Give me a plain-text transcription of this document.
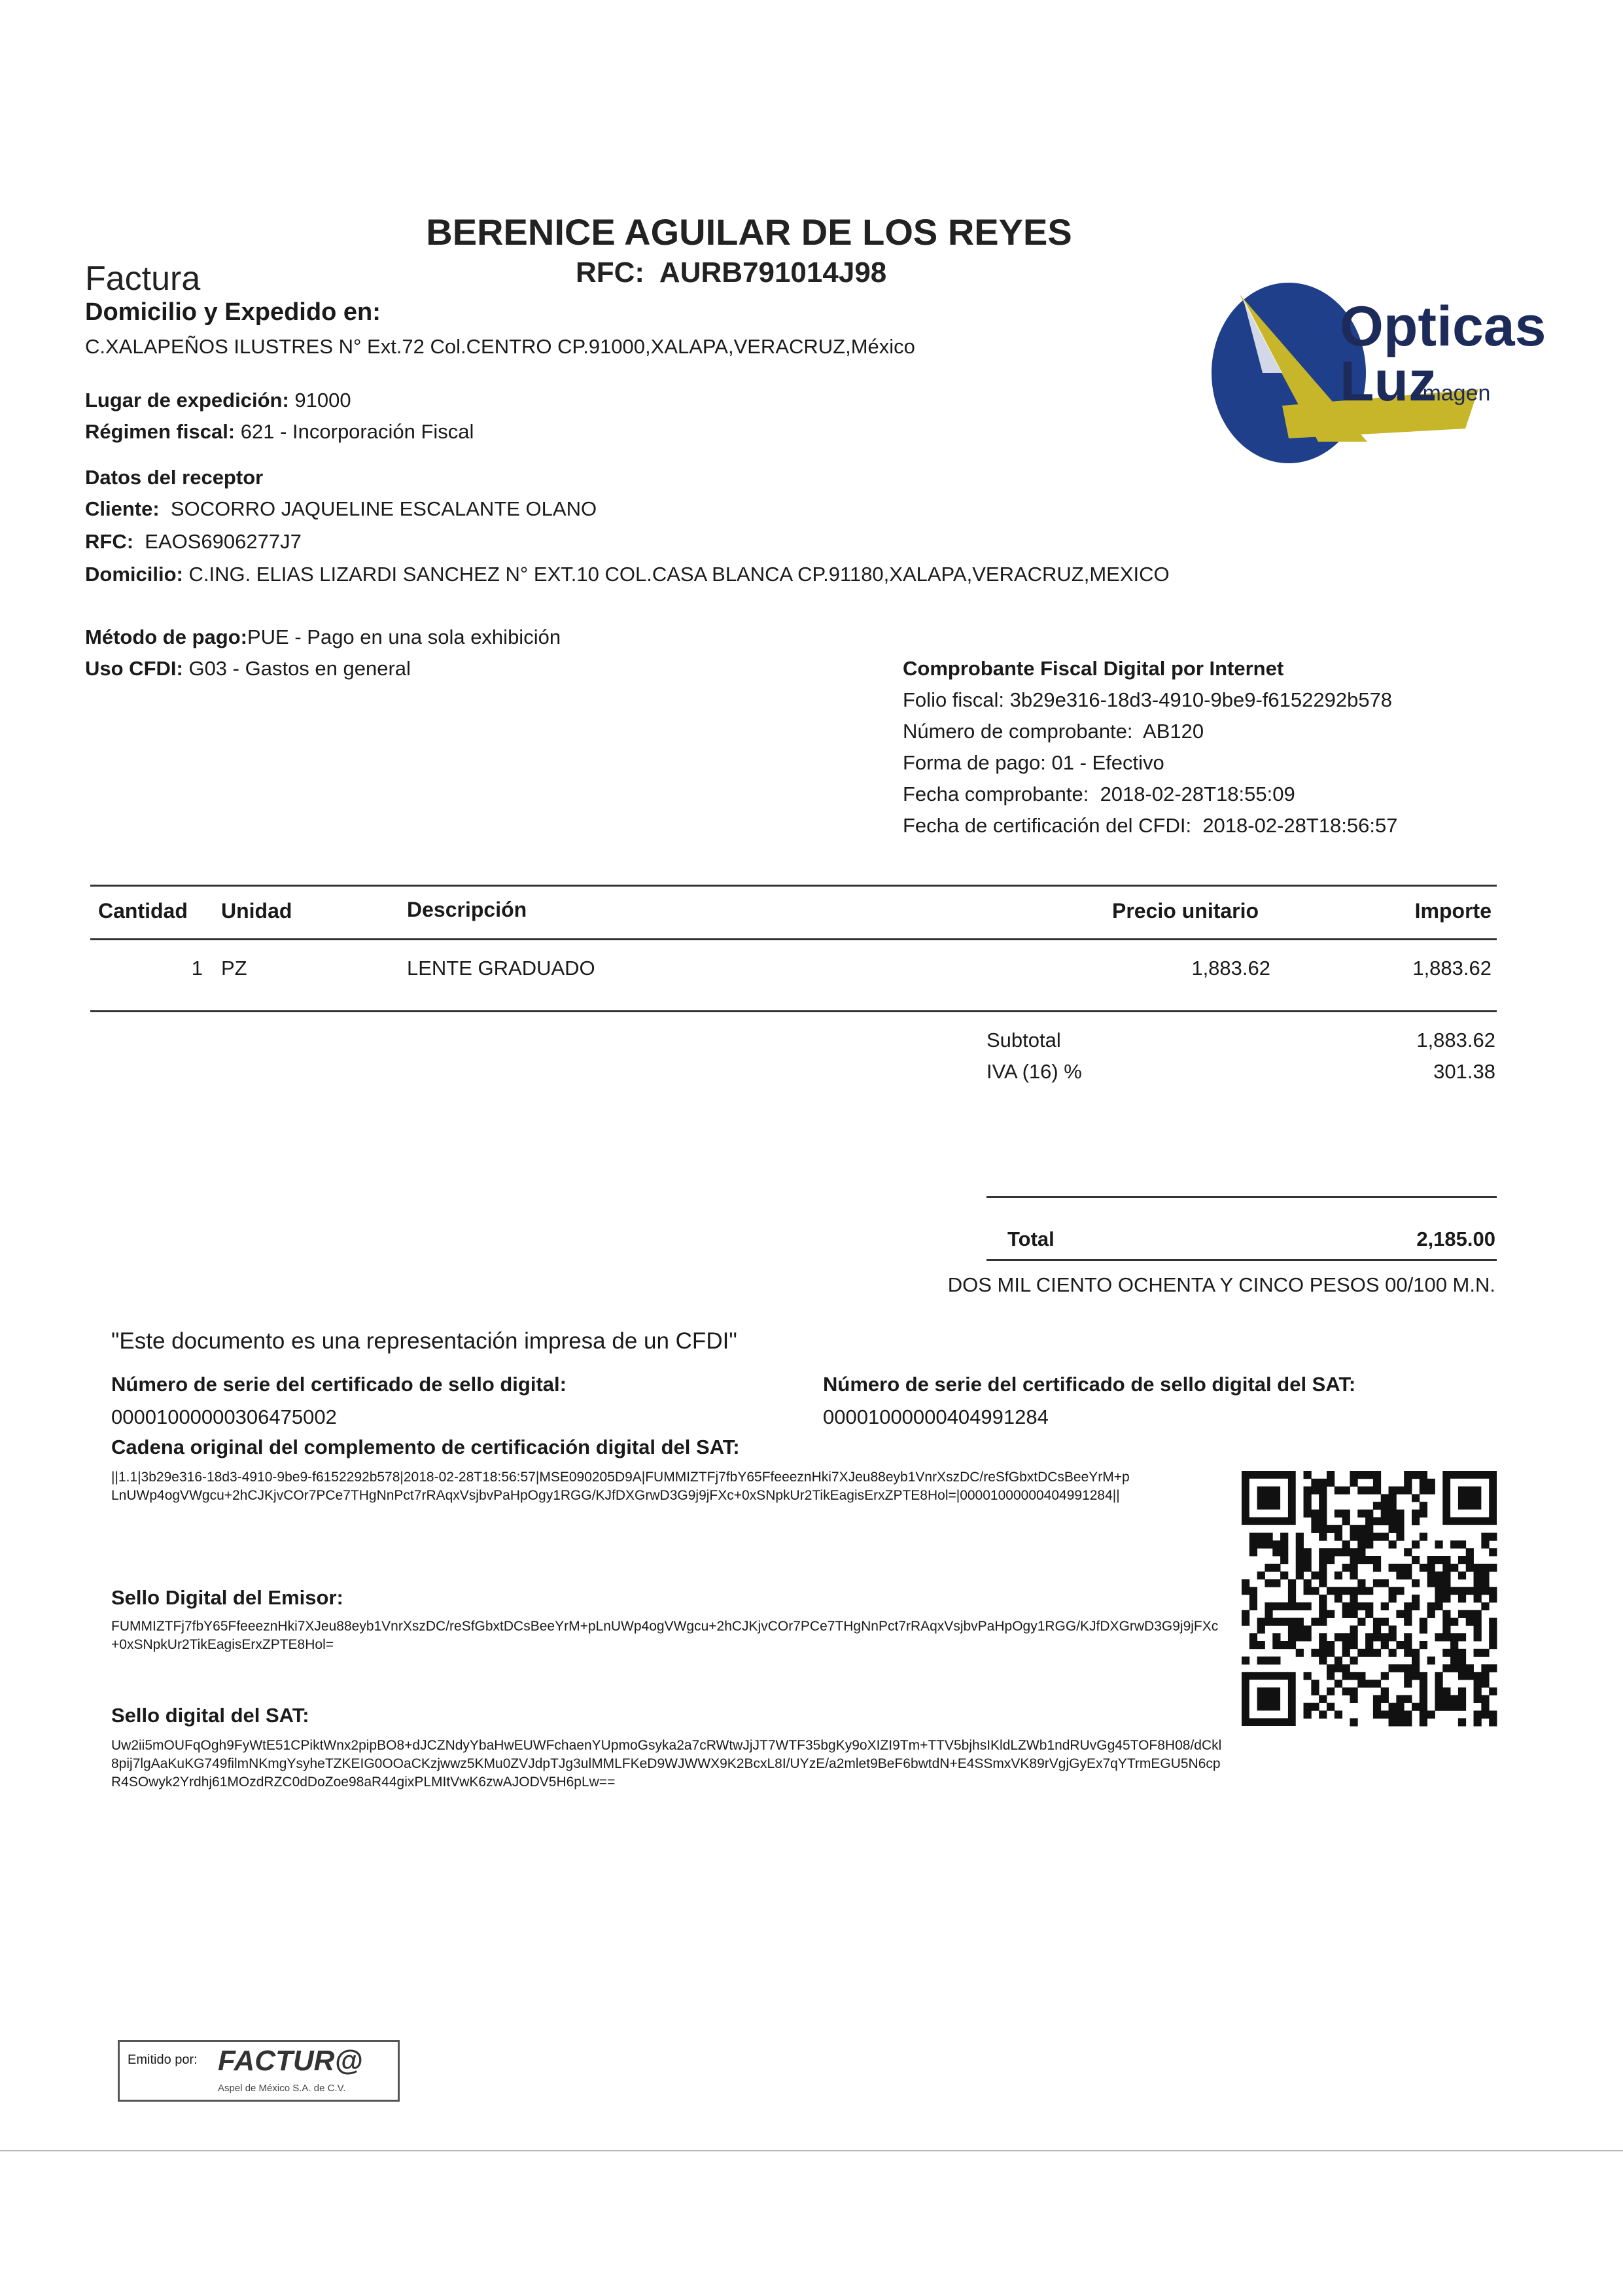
BERENICE AGUILAR DE LOS REYES
RFC: AURB791014J98
Factura
Opticas
Luz
Imagen
Domicilio y Expedido en:
C.XALAPEÑOS ILUSTRES N° Ext.72 Col.CENTRO CP.91000,XALAPA,VERACRUZ,México
Lugar de expedición: 91000
Régimen fiscal: 621 - Incorporación Fiscal
Datos del receptor
Cliente: SOCORRO JAQUELINE ESCALANTE OLANO
RFC: EAOS6906277J7
Domicilio: C.ING. ELIAS LIZARDI SANCHEZ N° EXT.10 COL.CASA BLANCA CP.91180,XALAPA,VERACRUZ,MEXICO
Método de pago:PUE - Pago en una sola exhibición
Uso CFDI: G03 - Gastos en general	Comprobante Fiscal Digital por Internet
Folio fiscal: 3b29e316-18d3-4910-9be9-f6152292b578
Número de comprobante: AB120
Forma de pago: 01 - Efectivo
Fecha comprobante: 2018-02-28T18:55:09
Fecha de certificación del CFDI: 2018-02-28T18:56:57
Cantidad Unidad	Descripción	Precio unitario	Importe
1 PZ	LENTE GRADUADO	1,883.62	1,883.62
Subtotal	1,883.62
IVA (16) %	301.38
Total	2,185.00
DOS MIL CIENTO OCHENTA Y CINCO PESOS 00/100 M.N.
"Este documento es una representación impresa de un CFDI"
Número de serie del certificado de sello digital:
00001000000306475002
Número de serie del certificado de sello digital del SAT:
00001000000404991284
Cadena original del complemento de certificación digital del SAT:
||1.1|3b29e316-18d3-4910-9be9-f6152292b578|2018-02-28T18:56:57|MSE090205D9A|FUMMIZTFj7fbY65FfeeeznHki7XJeu88eyb1VnrXszDC/reSfGbxtDCsBeeYrM+pLnUWp4ogVWgcu+2hCJKjvCOr7PCe7THgNnPct7rRAqxVsjbvPaHpOgy1RGG/KJfDXGrwD3G9j9jFXc+0xSNpkUr2TikEagisErxZPTE8Hol=|00001000000404991284||
Sello Digital del Emisor:
FUMMIZTFj7fbY65FfeeeznHki7XJeu88eyb1VnrXszDC/reSfGbxtDCsBeeYrM+pLnUWp4ogVWgcu+2hCJKjvCOr7PCe7THgNnPct7rRAqxVsjbvPaHpOgy1RGG/KJfDXGrwD3G9j9jFXc+0xSNpkUr2TikEagisErxZPTE8Hol=
Sello digital del SAT:
Uw2ii5mOUFqOgh9FyWtE51CPiktWnx2pipBO8+dJCZNdyYbaHwEUWFchaenYUpmoGsyka2a7cRWtwJjJT7WTF35bgKy9oXIZI9Tm+TTV5bjhsIKldLZWb1ndRUvGg45TOF8H08/dCkl8pij7lgAaKuKG749filmNKmgYsyheTZKEIG0OOaCKzjwwz5KMu0ZVJdpTJg3ulMMLFKeD9WJWWX9K2BcxL8I/UYzE/a2mlet9BeF6bwtdN+E4SSmxVK89rVgjGyEx7qYTrmEGU5N6cpR4SOwyk2Yrdhj61MOzdRZC0dDoZoe98aR44gixPLMItVwK6zwAJODV5H6pLw==
Emitido por: FACTUR@
Aspel de México S.A. de C.V.
